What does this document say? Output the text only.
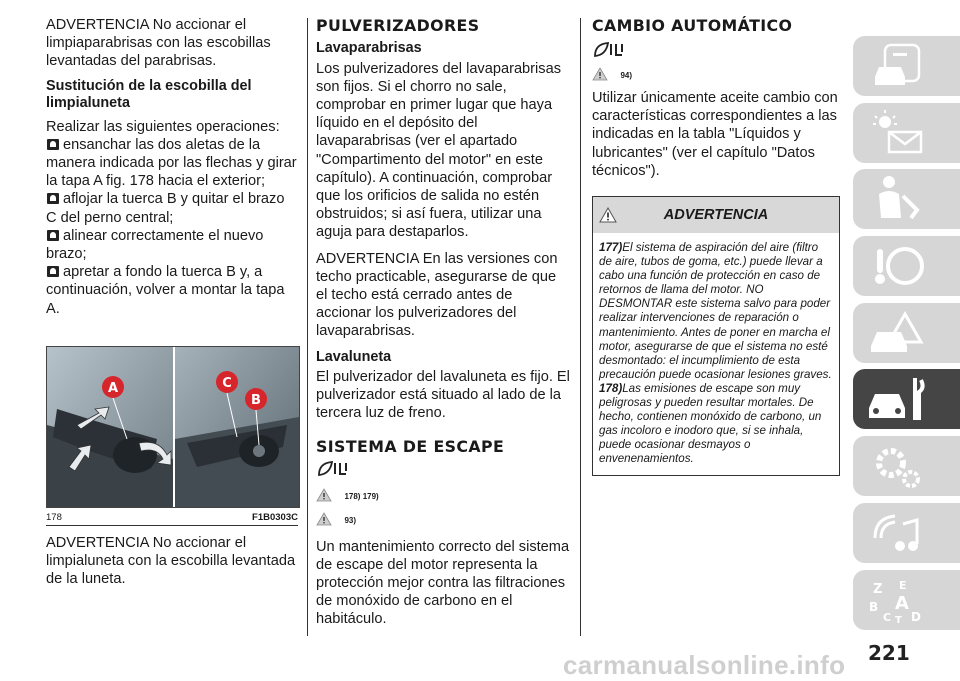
ADVERTENCIA No accionar el limpiaparabrisas con las escobillas levantadas del parabrisas.

Sustitución de la escobilla del limpialuneta

Realizar las siguientes operaciones:

ensanchar las dos aletas de la manera indicada por las flechas y girar la tapa A fig. 178 hacia el exterior;

aflojar la tuerca B y quitar el brazo C del perno central;

alinear correctamente el nuevo brazo;

apretar a fondo la tuerca B y, a continuación, volver a montar la tapa A.

A	C
B
178	F1B0303C

ADVERTENCIA No accionar el limpialuneta con la escobilla levantada de la luneta.

PULVERIZADORES

Lavaparabrisas

Los pulverizadores del lavaparabrisas son fijos. Si el chorro no sale, comprobar en primer lugar que haya líquido en el depósito del lavaparabrisas (ver el apartado "Compartimento del motor" en este capítulo). A continuación, comprobar que los orificios de salida no estén obstruidos; si así fuera, utilizar una aguja para destaparlos.

ADVERTENCIA En las versiones con techo practicable, asegurarse de que el techo está cerrado antes de accionar los pulverizadores del lavaparabrisas.

Lavaluneta

El pulverizador del lavaluneta es fijo. El pulverizador está situado al lado de la tercera luz de freno.

SISTEMA DE ESCAPE

178) 179)
93)

Un mantenimiento correcto del sistema de escape del motor representa la protección mejor contra las filtraciones de monóxido de carbono en el habitáculo.

CAMBIO AUTOMÁTICO

94)

Utilizar únicamente aceite cambio con características correspondientes a las indicadas en la tabla "Líquidos y lubricantes" (ver el capítulo "Datos técnicos").

ADVERTENCIA

177)El sistema de aspiración del aire (filtro de aire, tubos de goma, etc.) puede llevar a cabo una función de protección en caso de retornos de llama del motor. NO DESMONTAR este sistema salvo para poder realizar intervenciones de reparación o mantenimiento. Antes de poner en marcha el motor, asegurarse de que el sistema no esté desmontado: el incumplimiento de esta precaución puede ocasionar lesiones graves.

178)Las emisiones de escape son muy peligrosas y pueden resultar mortales. De hecho, contienen monóxido de carbono, un gas incoloro e inodoro que, si se inhala, puede ocasionar desmayos o envenenamientos.

Z E
B A
C T D
221
carmanualsonline.info
